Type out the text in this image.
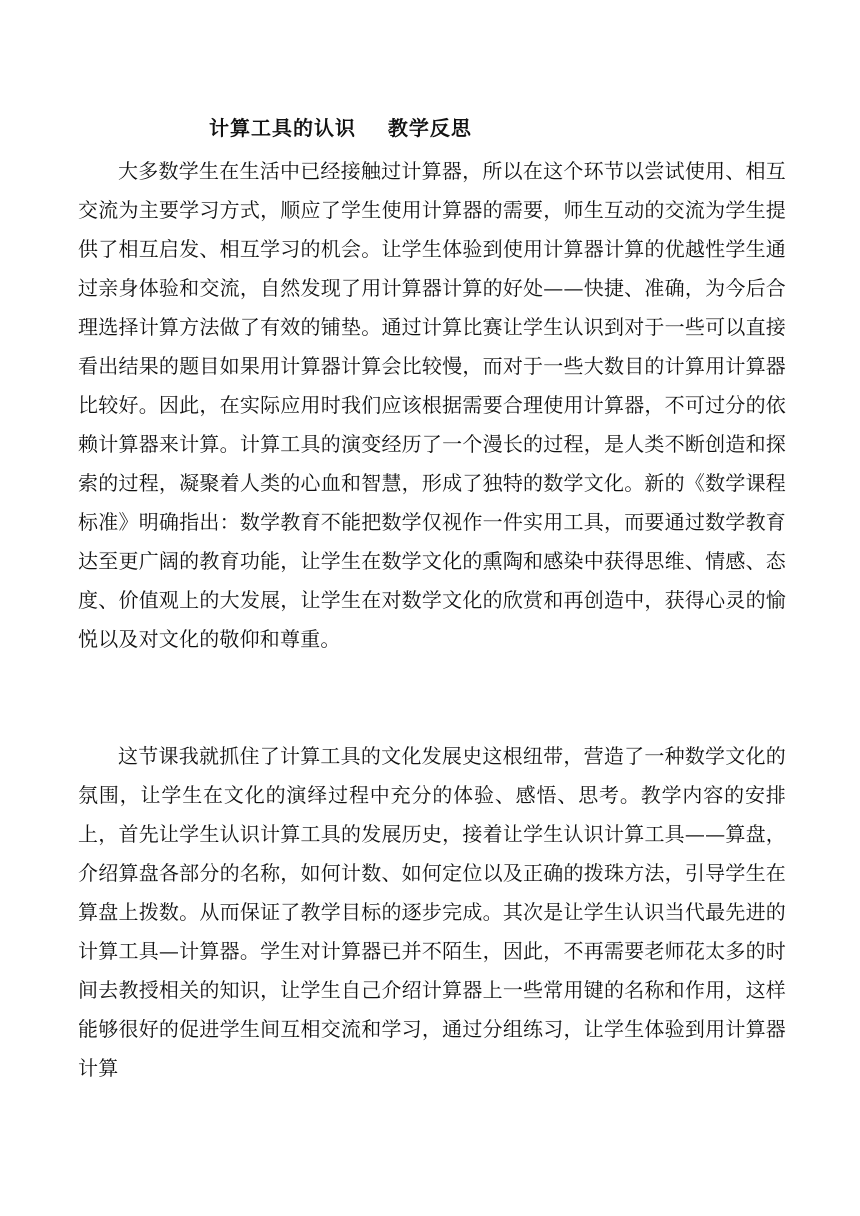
计算工具的认识    教学反思

大多数学生在生活中已经接触过计算器，所以在这个环节以尝试使用、相互交流为主要学习方式，顺应了学生使用计算器的需要，师生互动的交流为学生提供了相互启发、相互学习的机会。让学生体验到使用计算器计算的优越性学生通过亲身体验和交流，自然发现了用计算器计算的好处——快捷、准确，为今后合理选择计算方法做了有效的铺垫。通过计算比赛让学生认识到对于一些可以直接看出结果的题目如果用计算器计算会比较慢，而对于一些大数目的计算用计算器比较好。因此，在实际应用时我们应该根据需要合理使用计算器，不可过分的依赖计算器来计算。计算工具的演变经历了一个漫长的过程，是人类不断创造和探索的过程，凝聚着人类的心血和智慧，形成了独特的数学文化。新的《数学课程标准》明确指出：数学教育不能把数学仅视作一件实用工具，而要通过数学教育达至更广阔的教育功能，让学生在数学文化的熏陶和感染中获得思维、情感、态度、价值观上的大发展，让学生在对数学文化的欣赏和再创造中，获得心灵的愉悦以及对文化的敬仰和尊重。

这节课我就抓住了计算工具的文化发展史这根纽带，营造了一种数学文化的氛围，让学生在文化的演绎过程中充分的体验、感悟、思考。教学内容的安排上，首先让学生认识计算工具的发展历史，接着让学生认识计算工具——算盘，介绍算盘各部分的名称，如何计数、如何定位以及正确的拨珠方法，引导学生在算盘上拨数。从而保证了教学目标的逐步完成。其次是让学生认识当代最先进的计算工具—计算器。学生对计算器已并不陌生，因此，不再需要老师花太多的时间去教授相关的知识，让学生自己介绍计算器上一些常用键的名称和作用，这样能够很好的促进学生间互相交流和学习，通过分组练习，让学生体验到用计算器计算
